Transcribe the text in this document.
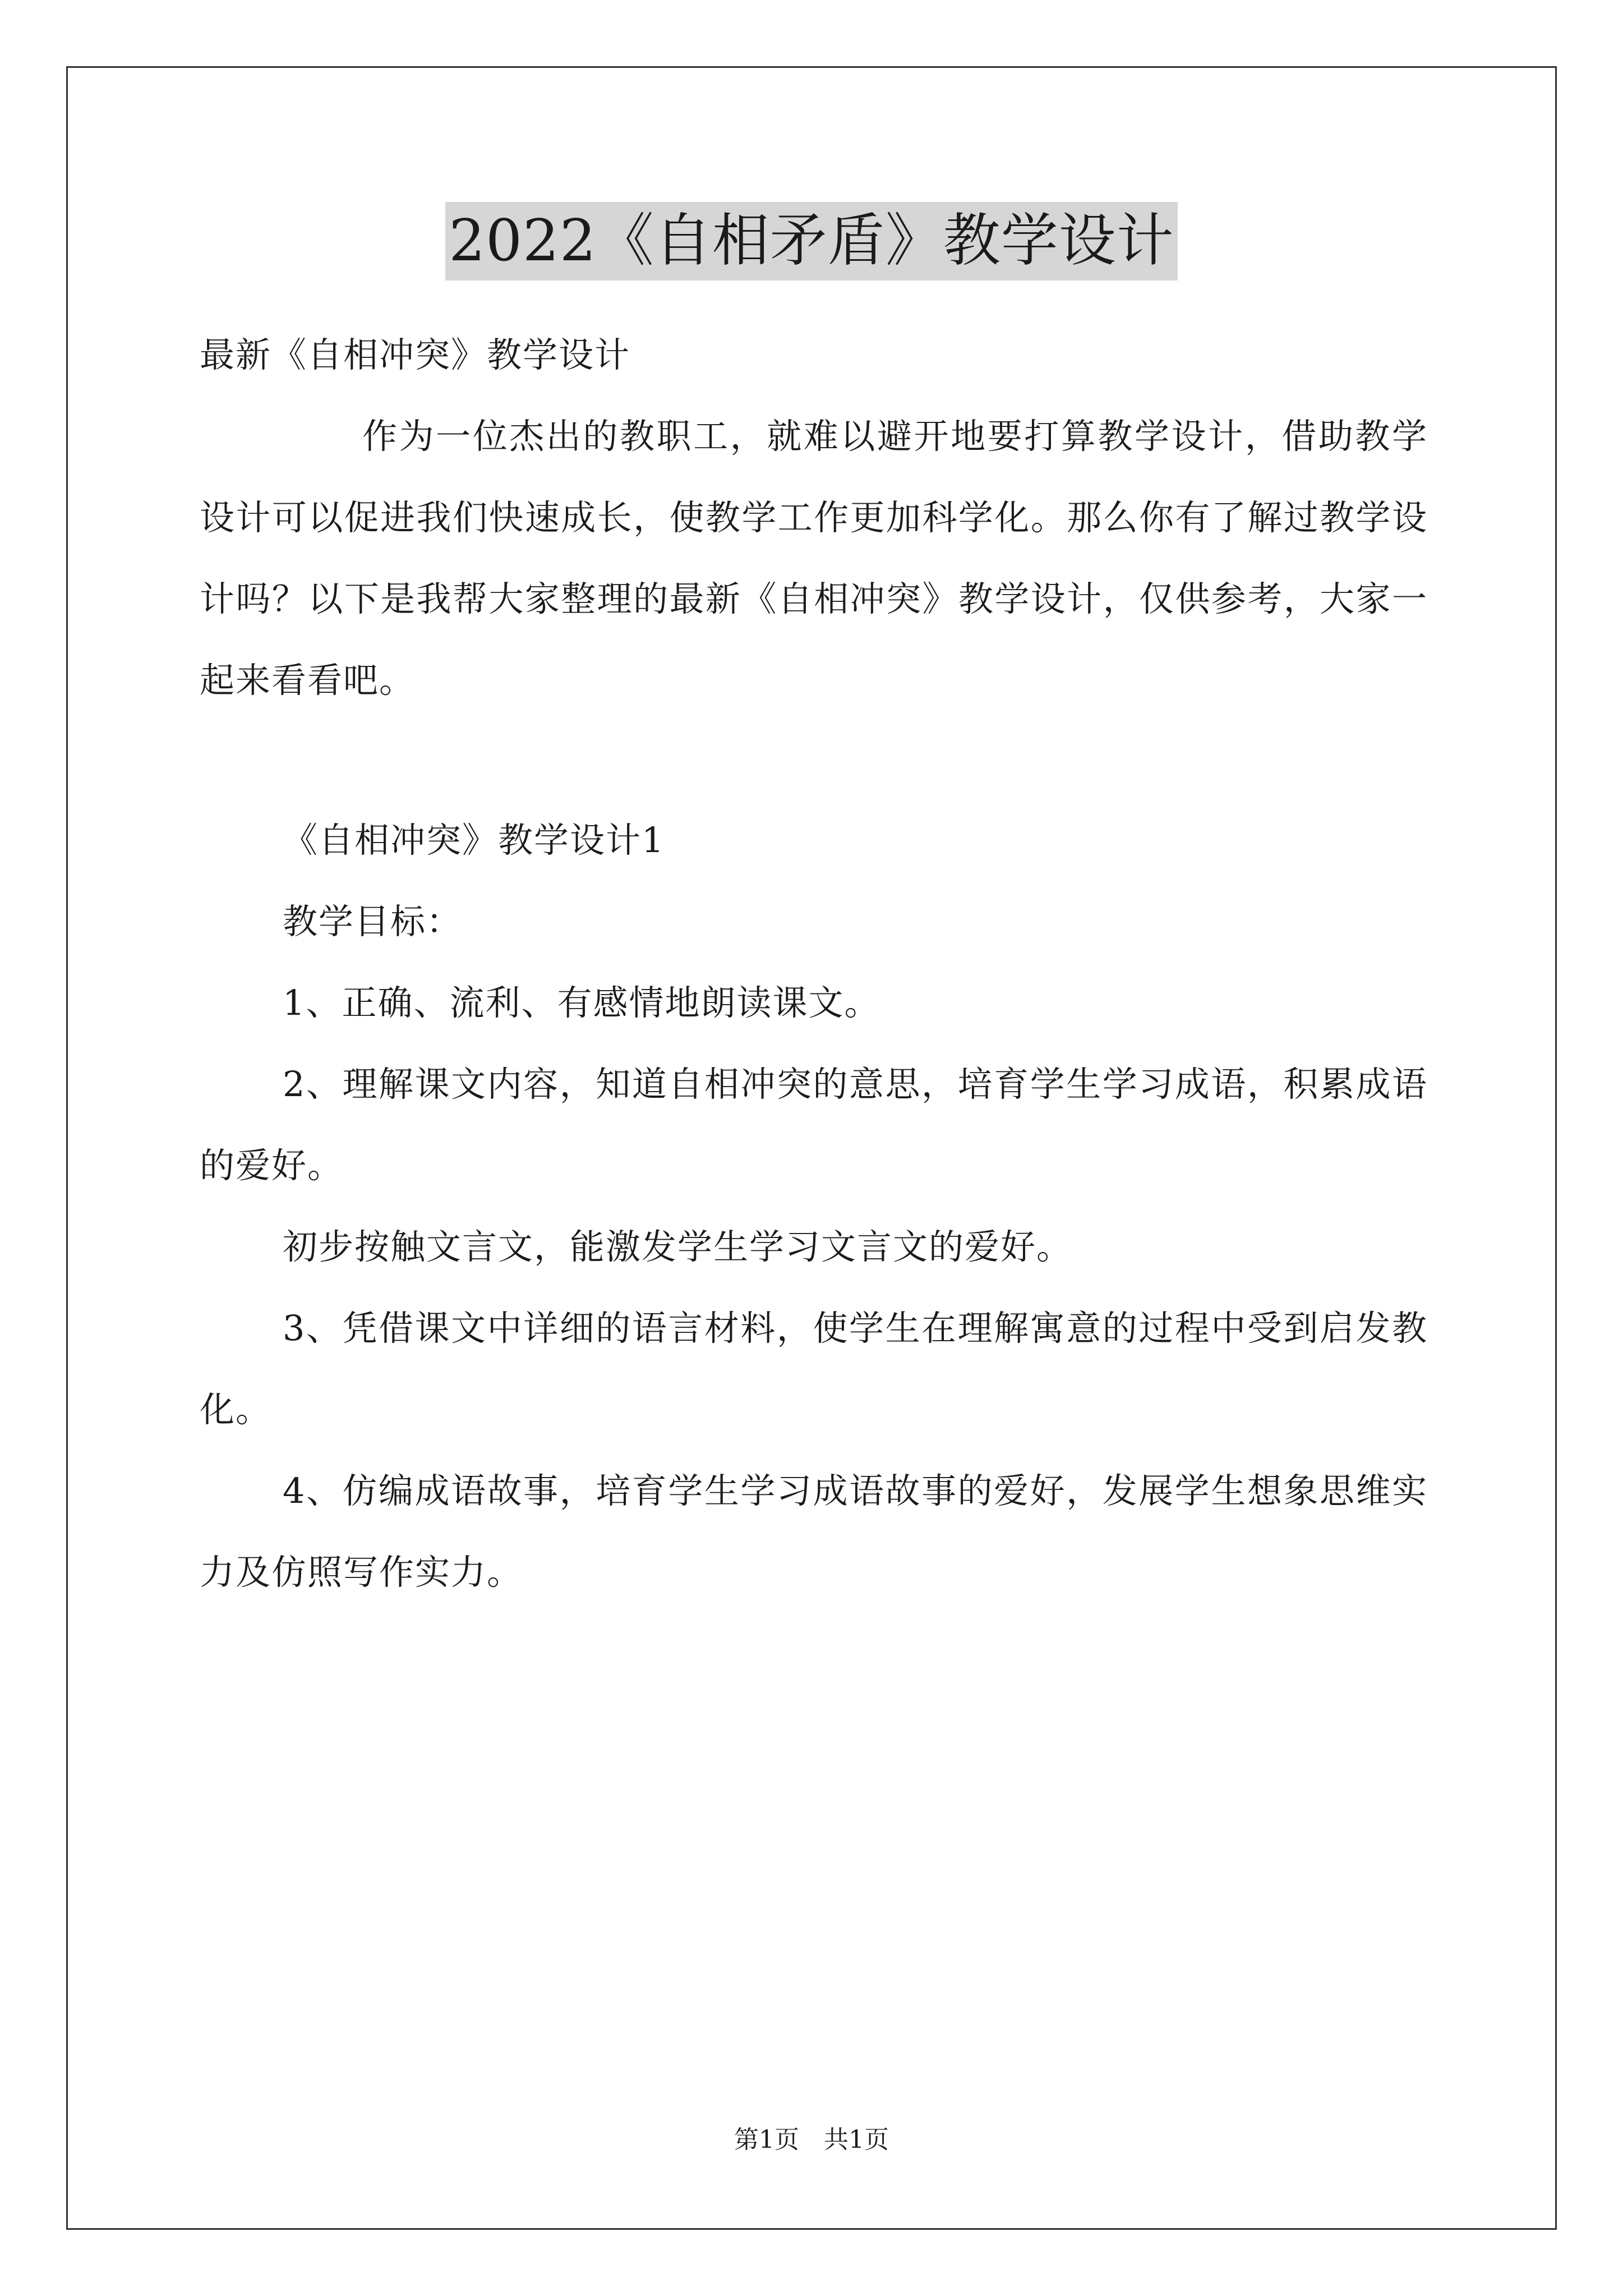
2022《自相矛盾》教学设计

最新《自相冲突》教学设计

作为一位杰出的教职工，就难以避开地要打算教学设计，借助教学设计可以促进我们快速成长，使教学工作更加科学化。那么你有了解过教学设计吗？以下是我帮大家整理的最新《自相冲突》教学设计，仅供参考，大家一起来看看吧。

《自相冲突》教学设计1

教学目标：

1、正确、流利、有感情地朗读课文。

2、理解课文内容，知道自相冲突的意思，培育学生学习成语，积累成语的爱好。

初步按触文言文，能激发学生学习文言文的爱好。

3、凭借课文中详细的语言材料，使学生在理解寓意的过程中受到启发教化。

4、仿编成语故事，培育学生学习成语故事的爱好，发展学生想象思维实力及仿照写作实力。

第1页 共1页
